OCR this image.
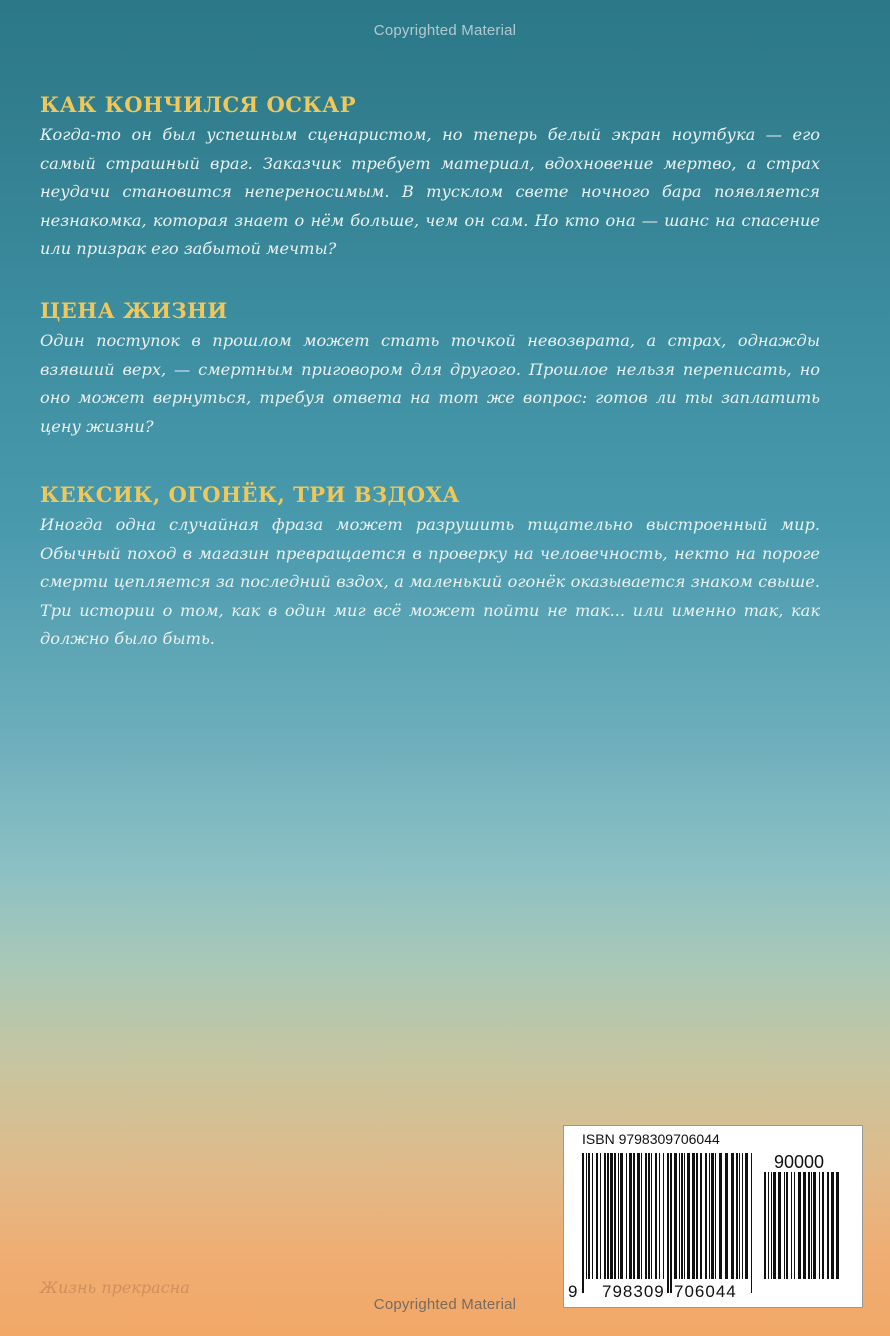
Copyrighted Material
КАК КОНЧИЛСЯ ОСКАР

Когда-то он был успешным сценаристом, но теперь белый экран ноутбука — его самый страшный враг. Заказчик требует материал, вдохновение мертво, а страх неудачи становится непереносимым. В тусклом свете ночного бара появляется незнакомка, которая знает о нём больше, чем он сам. Но кто она — шанс на спасение или призрак его забытой мечты?

ЦЕНА ЖИЗНИ

Один поступок в прошлом может стать точкой невозврата, а страх, однажды взявший верх, — смертным приговором для другого. Прошлое нельзя переписать, но оно может вернуться, требуя ответа на тот же вопрос: готов ли ты заплатить цену жизни?

КЕКСИК, ОГОНЁК, ТРИ ВЗДОХА

Иногда одна случайная фраза может разрушить тщательно выстроенный мир. Обычный поход в магазин превращается в проверку на человечность, некто на пороге смерти цепляется за последний вздох, а маленький огонёк оказывается знаком свыше. Три истории о том, как в один миг всё может пойти не так... или именно так, как должно было быть.

Жизнь прекрасна
ISBN 9798309706044
90000
9 798309 706044
Copyrighted Material
